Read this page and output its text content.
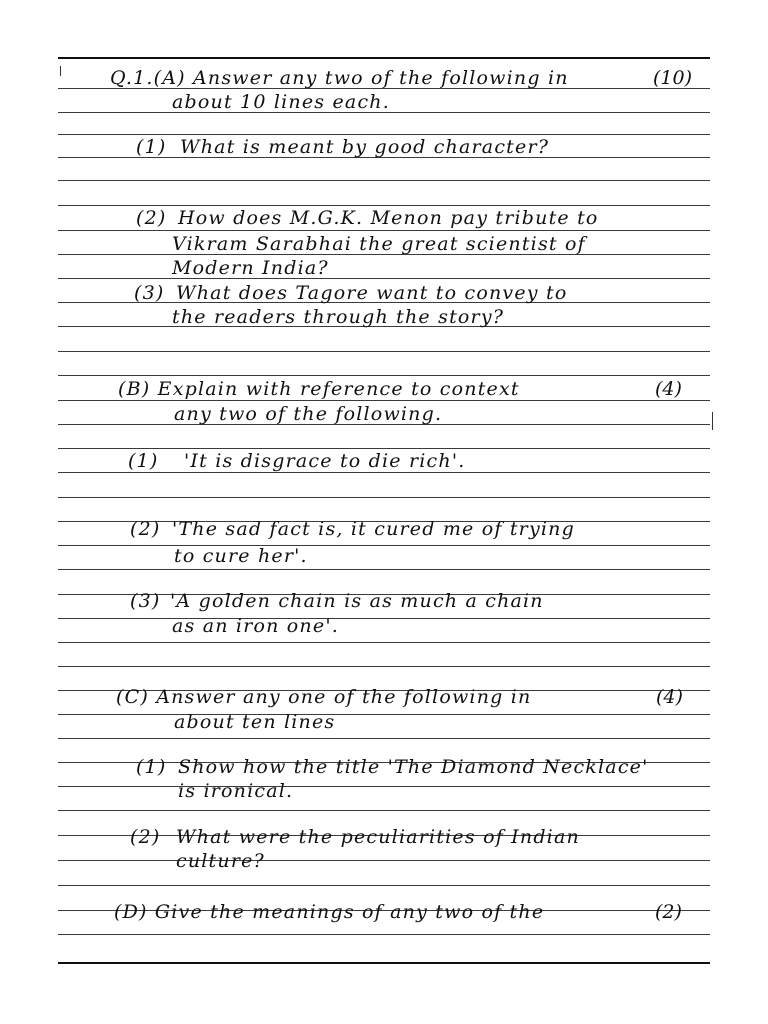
Q.1.(A) Answer any two of the following in	(10)
about 10 lines each.
(1) What is meant by good character?
(2) How does M.G.K. Menon pay tribute to
Vikram Sarabhai the great scientist of
Modern India?
(3) What does Tagore want to convey to
the readers through the story?
(B) Explain with reference to context	(4)
any two of the following.
(1) 'It is disgrace to die rich'.
(2) 'The sad fact is, it cured me of trying
to cure her'.
(3) 'A golden chain is as much a chain
as an iron one'.
(C) Answer any one of the following in	(4)
about ten lines
(1) Show how the title 'The Diamond Necklace'
is ironical.
(2) What were the peculiarities of Indian
culture?
(D) Give the meanings of any two of the	(2)
